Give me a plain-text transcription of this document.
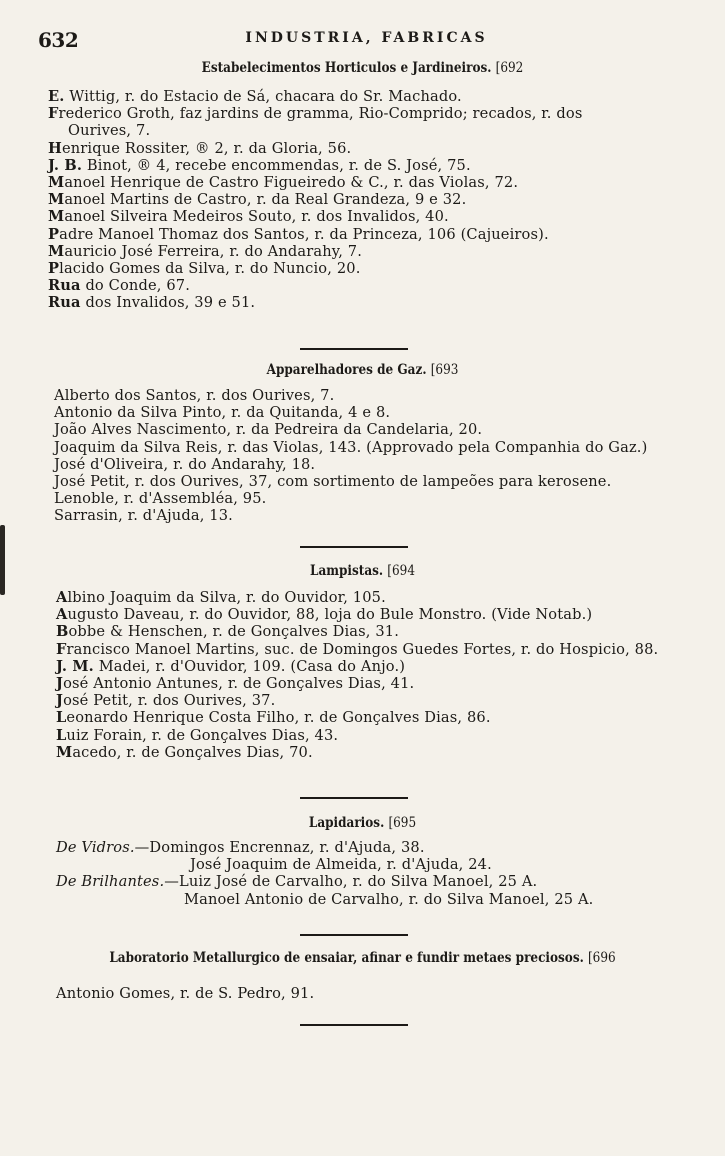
632	INDUSTRIA, FABRICAS
Estabelecimentos Horticulos e Jardineiros. [692
E. Wittig, r. do Estacio de Sá, chacara do Sr. Machado.
Frederico Groth, faz jardins de gramma, Rio-Comprido; recados, r. dos
Ourives, 7.
Henrique Rossiter, ® 2, r. da Gloria, 56.
J. B. Binot, ® 4, recebe encommendas, r. de S. José, 75.
Manoel Henrique de Castro Figueiredo & C., r. das Violas, 72.
Manoel Martins de Castro, r. da Real Grandeza, 9 e 32.
Manoel Silveira Medeiros Souto, r. dos Invalidos, 40.
Padre Manoel Thomaz dos Santos, r. da Princeza, 106 (Cajueiros).
Mauricio José Ferreira, r. do Andarahy, 7.
Placido Gomes da Silva, r. do Nuncio, 20.
Rua do Conde, 67.
Rua dos Invalidos, 39 e 51.
Apparelhadores de Gaz. [693
Alberto dos Santos, r. dos Ourives, 7.
Antonio da Silva Pinto, r. da Quitanda, 4 e 8.
João Alves Nascimento, r. da Pedreira da Candelaria, 20.
Joaquim da Silva Reis, r. das Violas, 143. (Approvado pela Companhia do Gaz.)
José d'Oliveira, r. do Andarahy, 18.
José Petit, r. dos Ourives, 37, com sortimento de lampeões para kerosene.
Lenoble, r. d'Assembléa, 95.
Sarrasin, r. d'Ajuda, 13.
Lampistas. [694
Albino Joaquim da Silva, r. do Ouvidor, 105.
Augusto Daveau, r. do Ouvidor, 88, loja do Bule Monstro. (Vide Notab.)
Bobbe & Henschen, r. de Gonçalves Dias, 31.
Francisco Manoel Martins, suc. de Domingos Guedes Fortes, r. do Hospicio, 88.
J. M. Madei, r. d'Ouvidor, 109. (Casa do Anjo.)
José Antonio Antunes, r. de Gonçalves Dias, 41.
José Petit, r. dos Ourives, 37.
Leonardo Henrique Costa Filho, r. de Gonçalves Dias, 86.
Luiz Forain, r. de Gonçalves Dias, 43.
Macedo, r. de Gonçalves Dias, 70.
Lapidarios. [695
De Vidros.—Domingos Encrennaz, r. d'Ajuda, 38.
José Joaquim de Almeida, r. d'Ajuda, 24.
De Brilhantes.—Luiz José de Carvalho, r. do Silva Manoel, 25 A.
Manoel Antonio de Carvalho, r. do Silva Manoel, 25 A.
Laboratorio Metallurgico de ensaiar, afinar e fundir metaes preciosos. [696
Antonio Gomes, r. de S. Pedro, 91.
